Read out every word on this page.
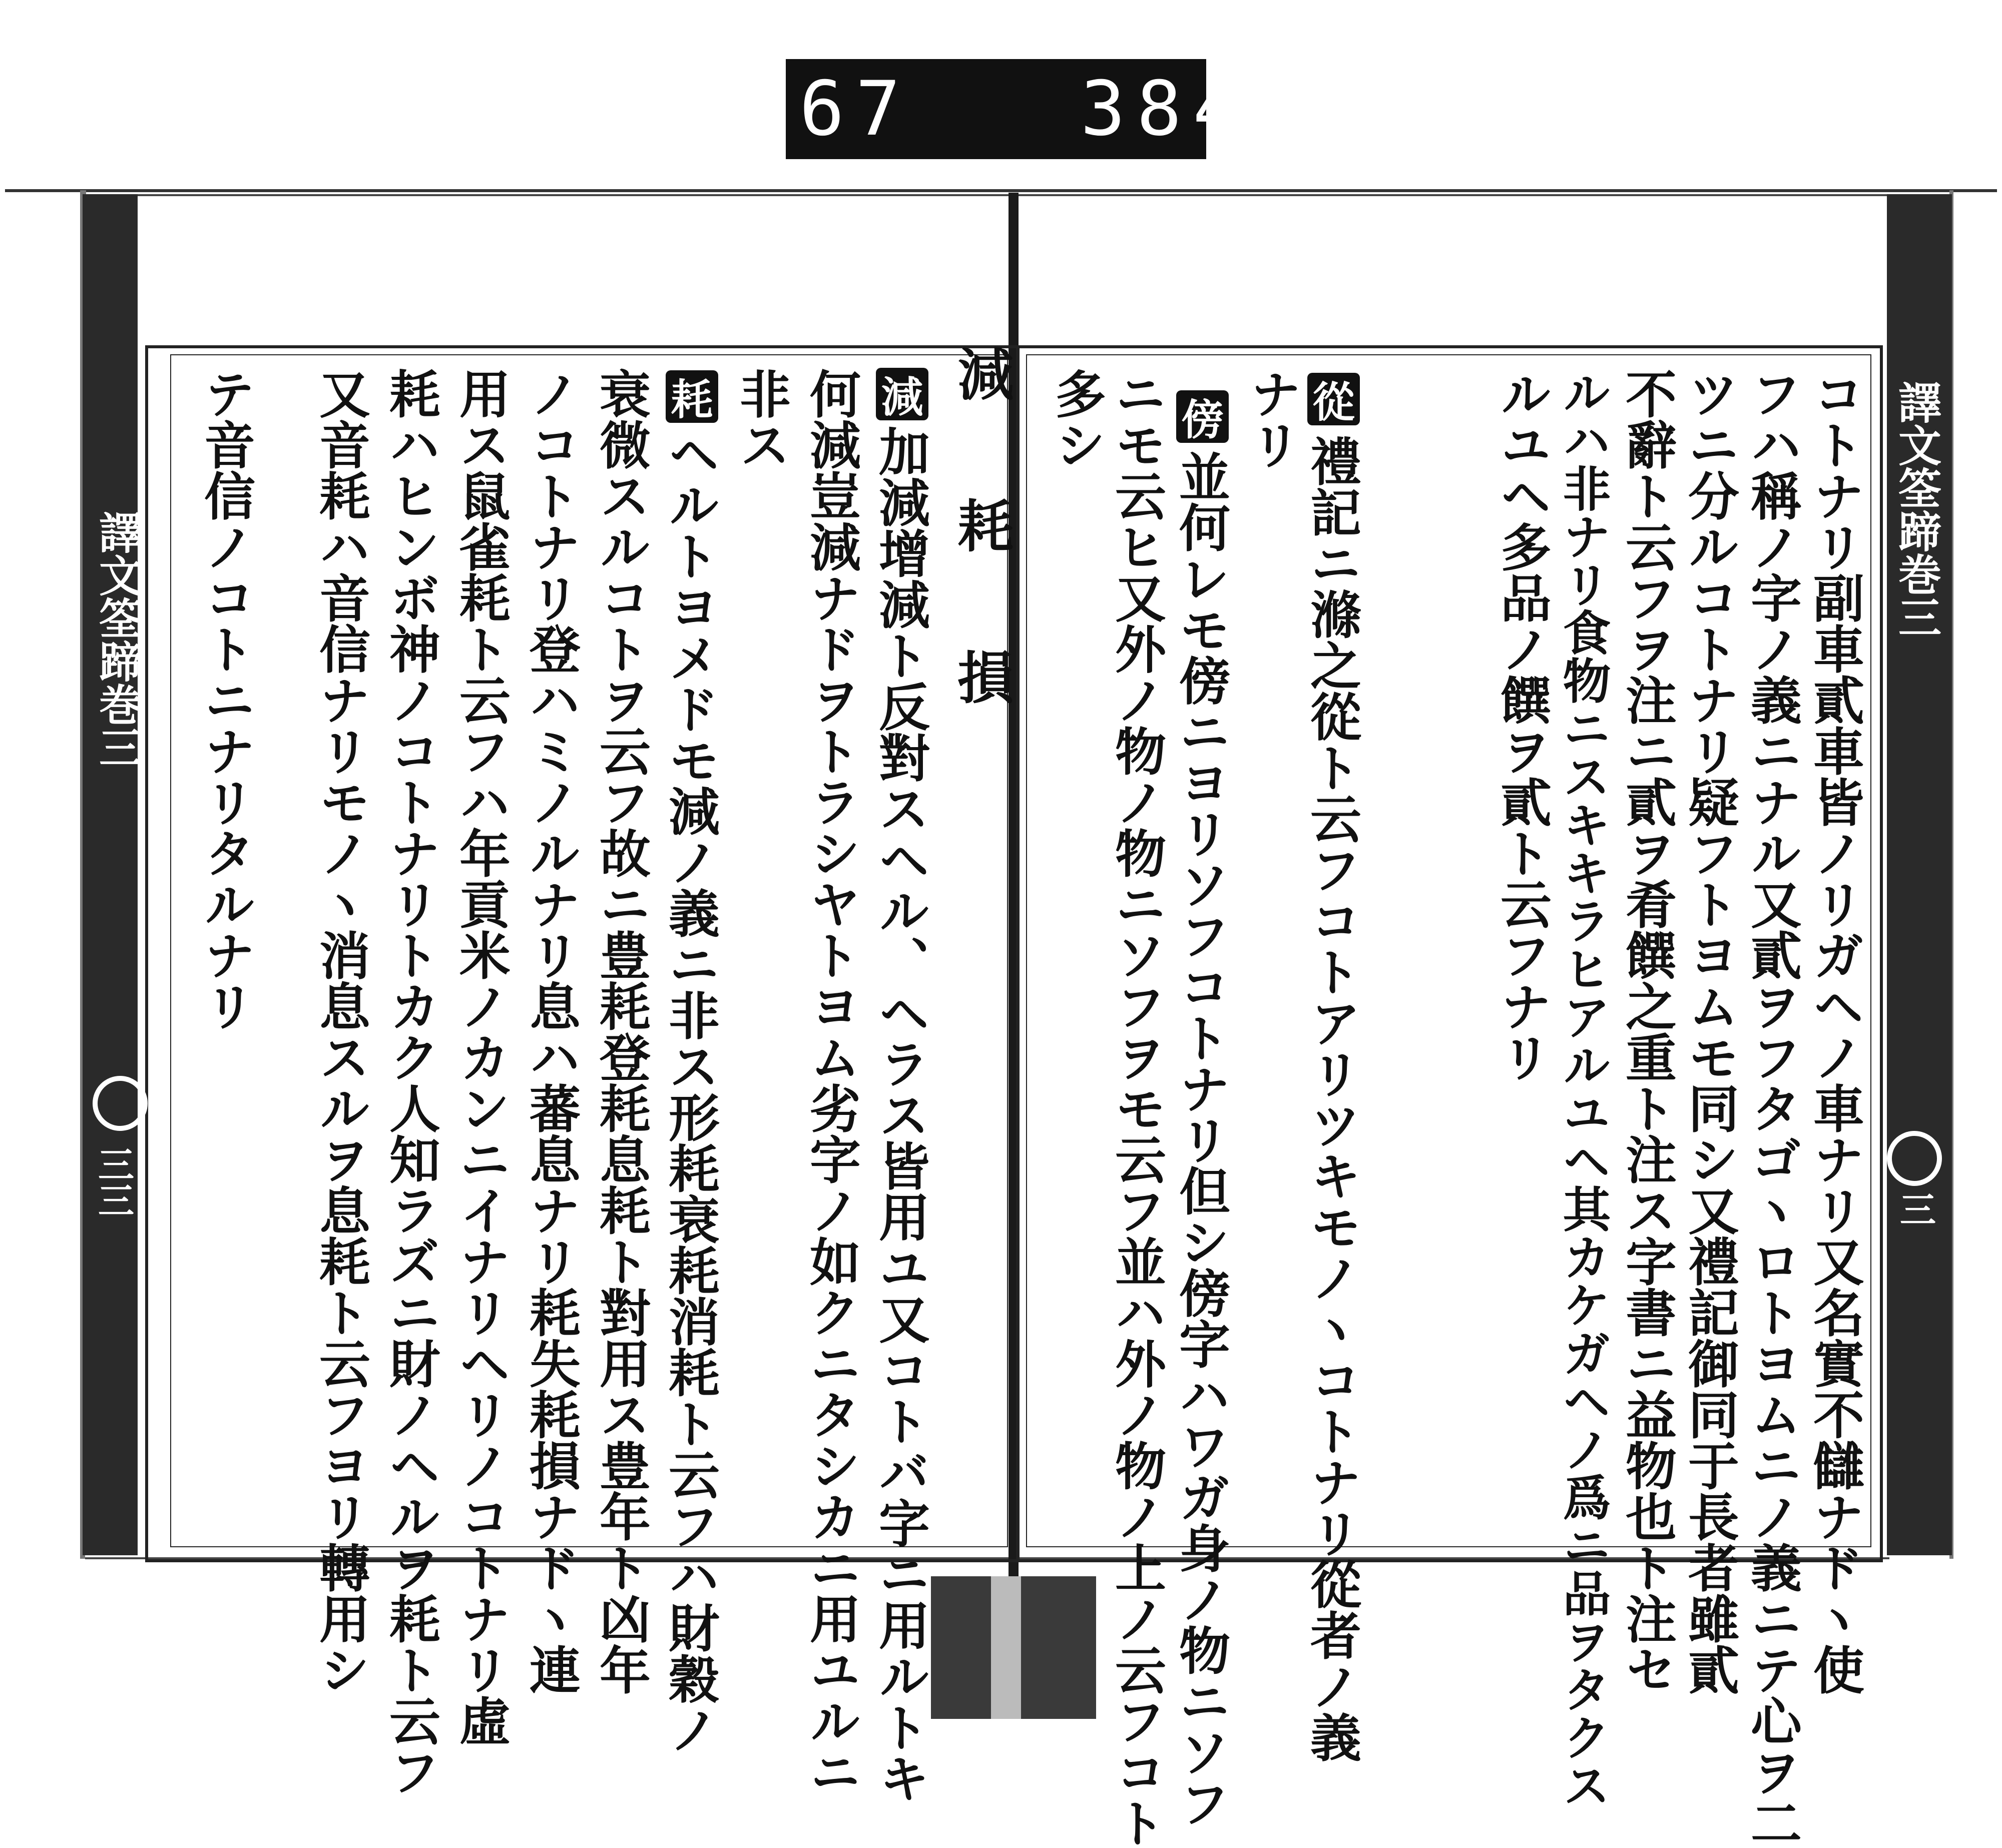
567
384
譯文筌蹄巻三
三三
譯文筌蹄巻三
三
コトナリ副車貳車皆ノリガヘノ車ナリ又名實不讎ナドヽ使
フハ稱ノ字ノ義ニナル又貳ヲフタゴヽロトヨムニノ義ニテ心ヲ二
ツニ分ルコトナリ疑フトヨムモ同シ又禮記御同于長者雖貳
不辭ト云フヲ注ニ貳ヲ肴饌之重ト注ス字書ニ益物也ト注セ
ルハ非ナリ食物ニスキキラヒアルユヘ其カケガヘノ爲ニ品ヲタクス
ルユヘ多品ノ饌ヲ貳ト云フナリ
從
禮記ニ滌之從ト云フコトアリツキモノヽコトナリ從者ノ義
ナリ
傍
並何レモ傍ニヨリソフコトナリ但シ傍字ハワガ身ノ物ニソフ
ニモ云ヒ又外ノ物ノ物ニソフヲモ云フ並ハ外ノ物ノ上ノ云フコト
多シ
減 耗 損
減
加減增減ト反對スヘル、ヘラス皆用ユ又コトバ字ニ用ルトキ
何減豈減ナドヲトラシヤトヨム劣字ノ如クニタシカニ用ユルニ
非ス
耗
ヘルトヨメドモ減ノ義ニ非ス形耗衰耗消耗ト云フハ財穀ノ
衰微スルコトヲ云フ故ニ豊耗登耗息耗ト對用ス豊年ト凶年
ノコトナリ登ハミノルナリ息ハ蕃息ナリ耗失耗損ナドヽ連
用ス鼠雀耗ト云フハ年貢米ノカンニイナリヘリノコトナリ虛
耗ハヒンボ神ノコトナリトカク人知ラズニ財ノヘルヲ耗ト云フ
又音耗ハ音信ナリモノヽ消息スルヲ息耗ト云フヨリ轉用シ
テ音信ノコトニナリタルナリ
